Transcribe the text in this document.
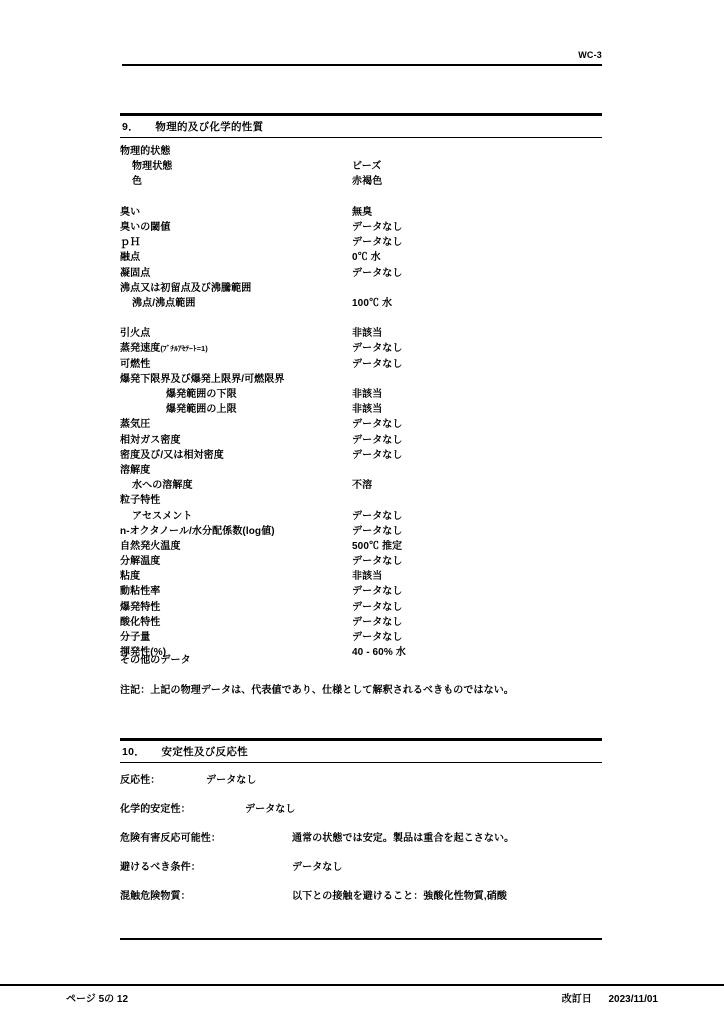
WC-3
9． 物理的及び化学的性質
物理的状態
物理状態	ビーズ
色	赤褐色
臭い	無臭
臭いの閾値	データなし
ｐＨ	データなし
融点	0℃ 水
凝固点	データなし
沸点又は初留点及び沸騰範囲
沸点/沸点範囲	100℃ 水
引火点	非該当
蒸発速度(ﾌﾞﾁﾙｱｾﾃｰﾄ=1)	データなし
可燃性	データなし
爆発下限界及び爆発上限界/可燃限界
爆発範囲の下限	非該当
爆発範囲の上限	非該当
蒸気圧	データなし
相対ガス密度	データなし
密度及び/又は相対密度	データなし
溶解度
水への溶解度	不溶
粒子特性
アセスメント	データなし
n-オクタノール/水分配係数(log値)	データなし
自然発火温度	500℃ 推定
分解温度	データなし
粘度	非該当
動粘性率	データなし
爆発特性	データなし
酸化特性	データなし
分子量	データなし
揮発性(%)	40 - 60% 水
その他のデータ
注記：上記の物理データは、代表値であり、仕様として解釈されるべきものではない。
10． 安定性及び反応性
反応性：	データなし
化学的安定性：	データなし
危険有害反応可能性：	通常の状態では安定。製品は重合を起こさない。
避けるべき条件：	データなし
混触危険物質：	以下との接触を避けること：強酸化性物質,硝酸
ページ 5の 12	改訂日 2023/11/01
